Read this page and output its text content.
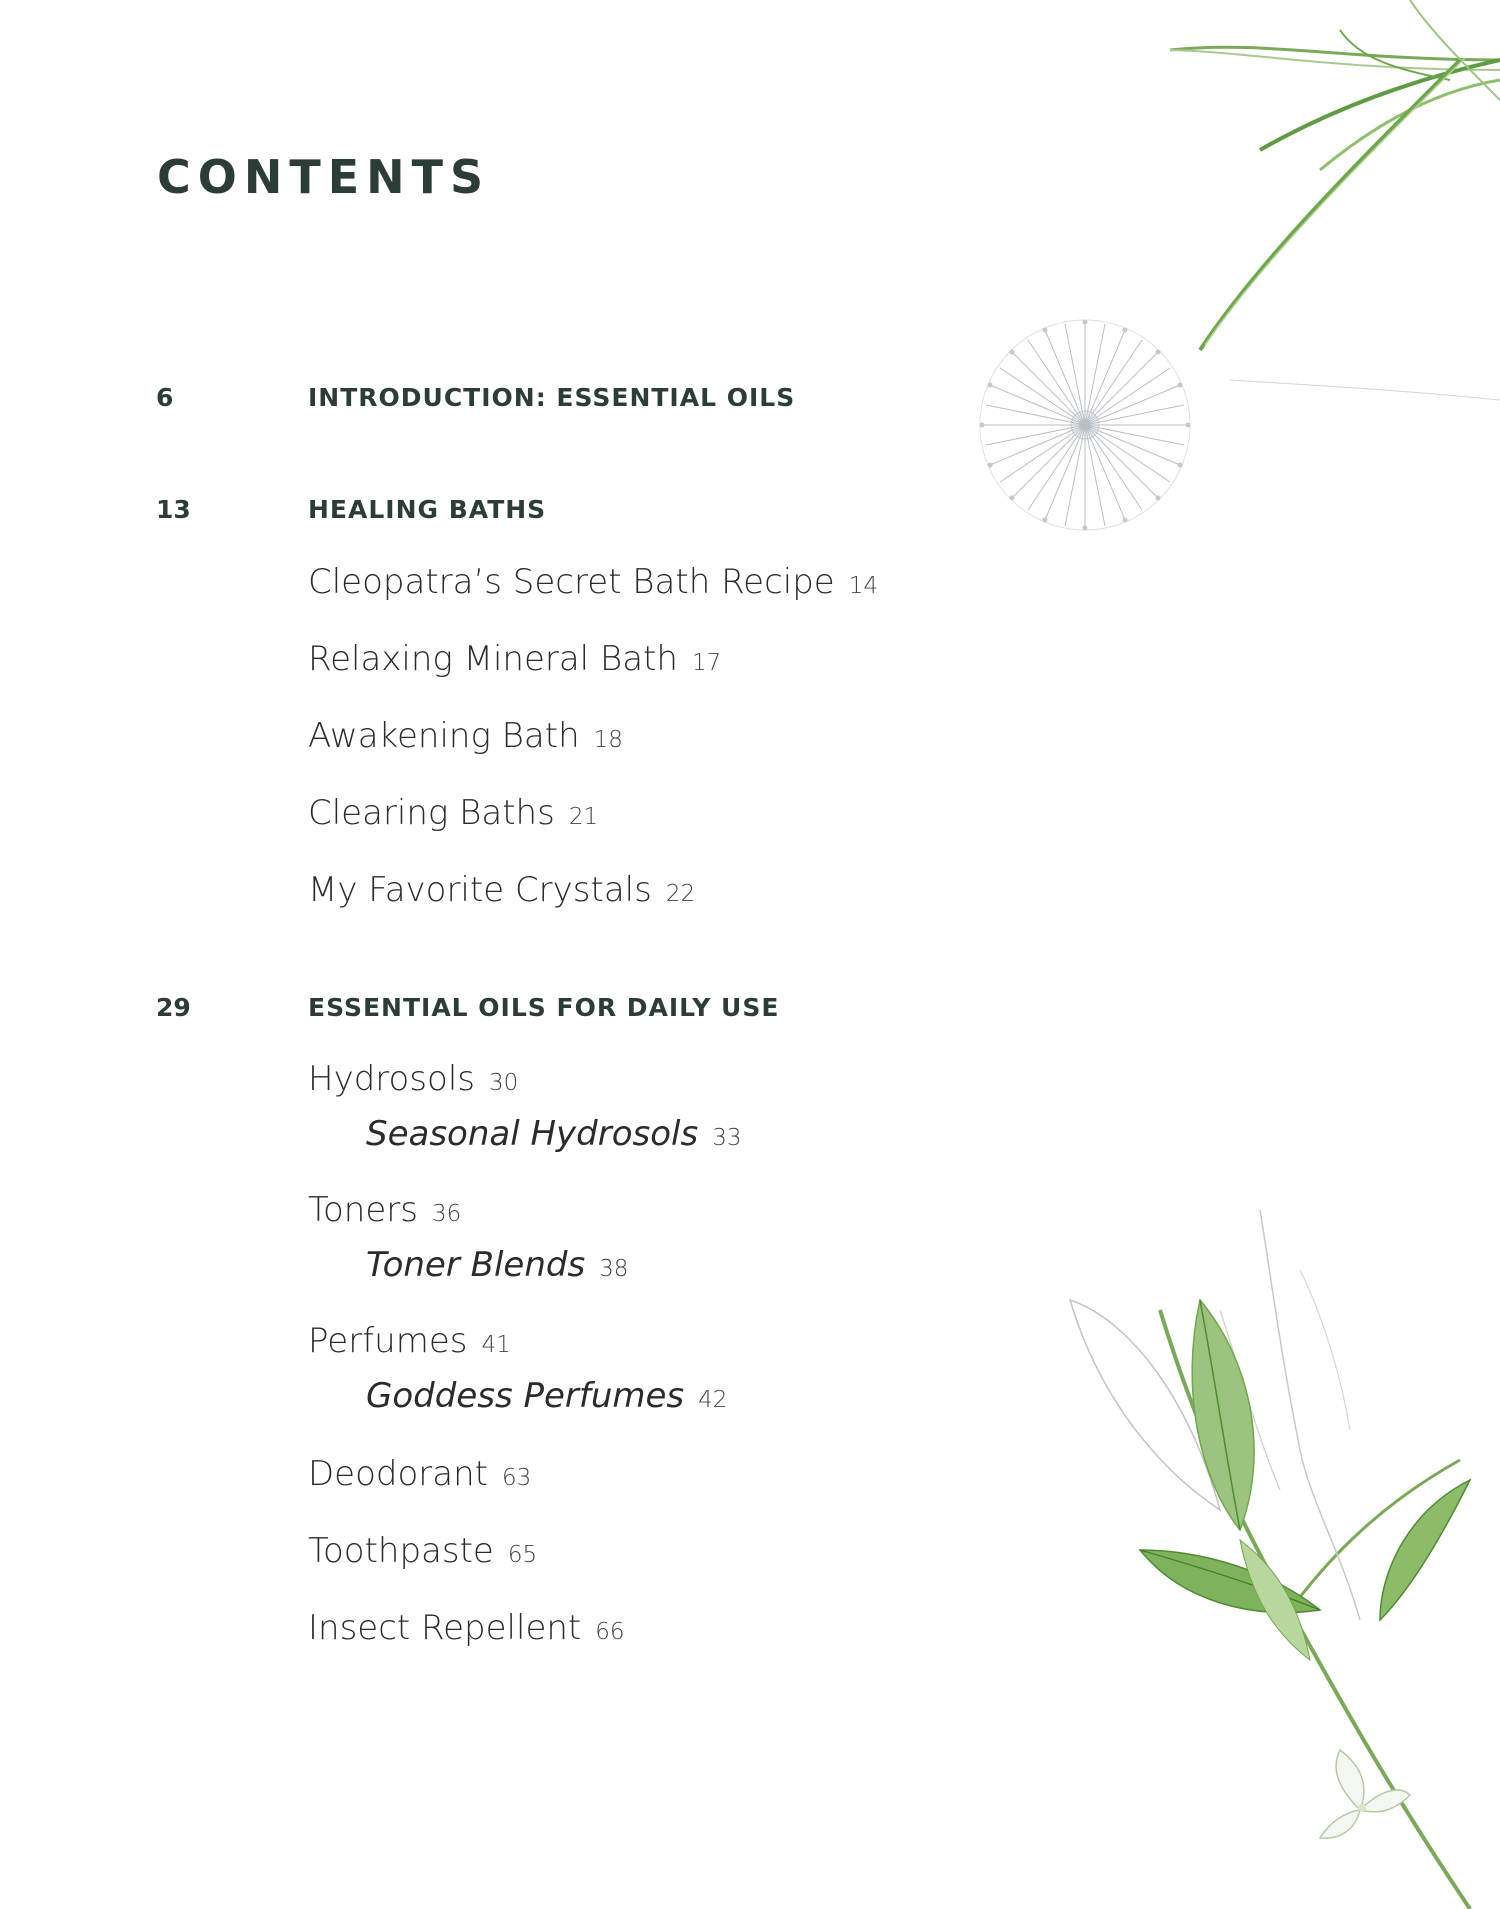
CONTENTS
6	INTRODUCTION: ESSENTIAL OILS
13	HEALING BATHS
Cleopatra’s Secret Bath Recipe 14
Relaxing Mineral Bath 17
Awakening Bath 18
Clearing Baths 21
My Favorite Crystals 22
29	ESSENTIAL OILS FOR DAILY USE
Hydrosols 30
Seasonal Hydrosols 33
Toners 36
Toner Blends 38
Perfumes 41
Goddess Perfumes 42
Deodorant 63
Toothpaste 65
Insect Repellent 66
